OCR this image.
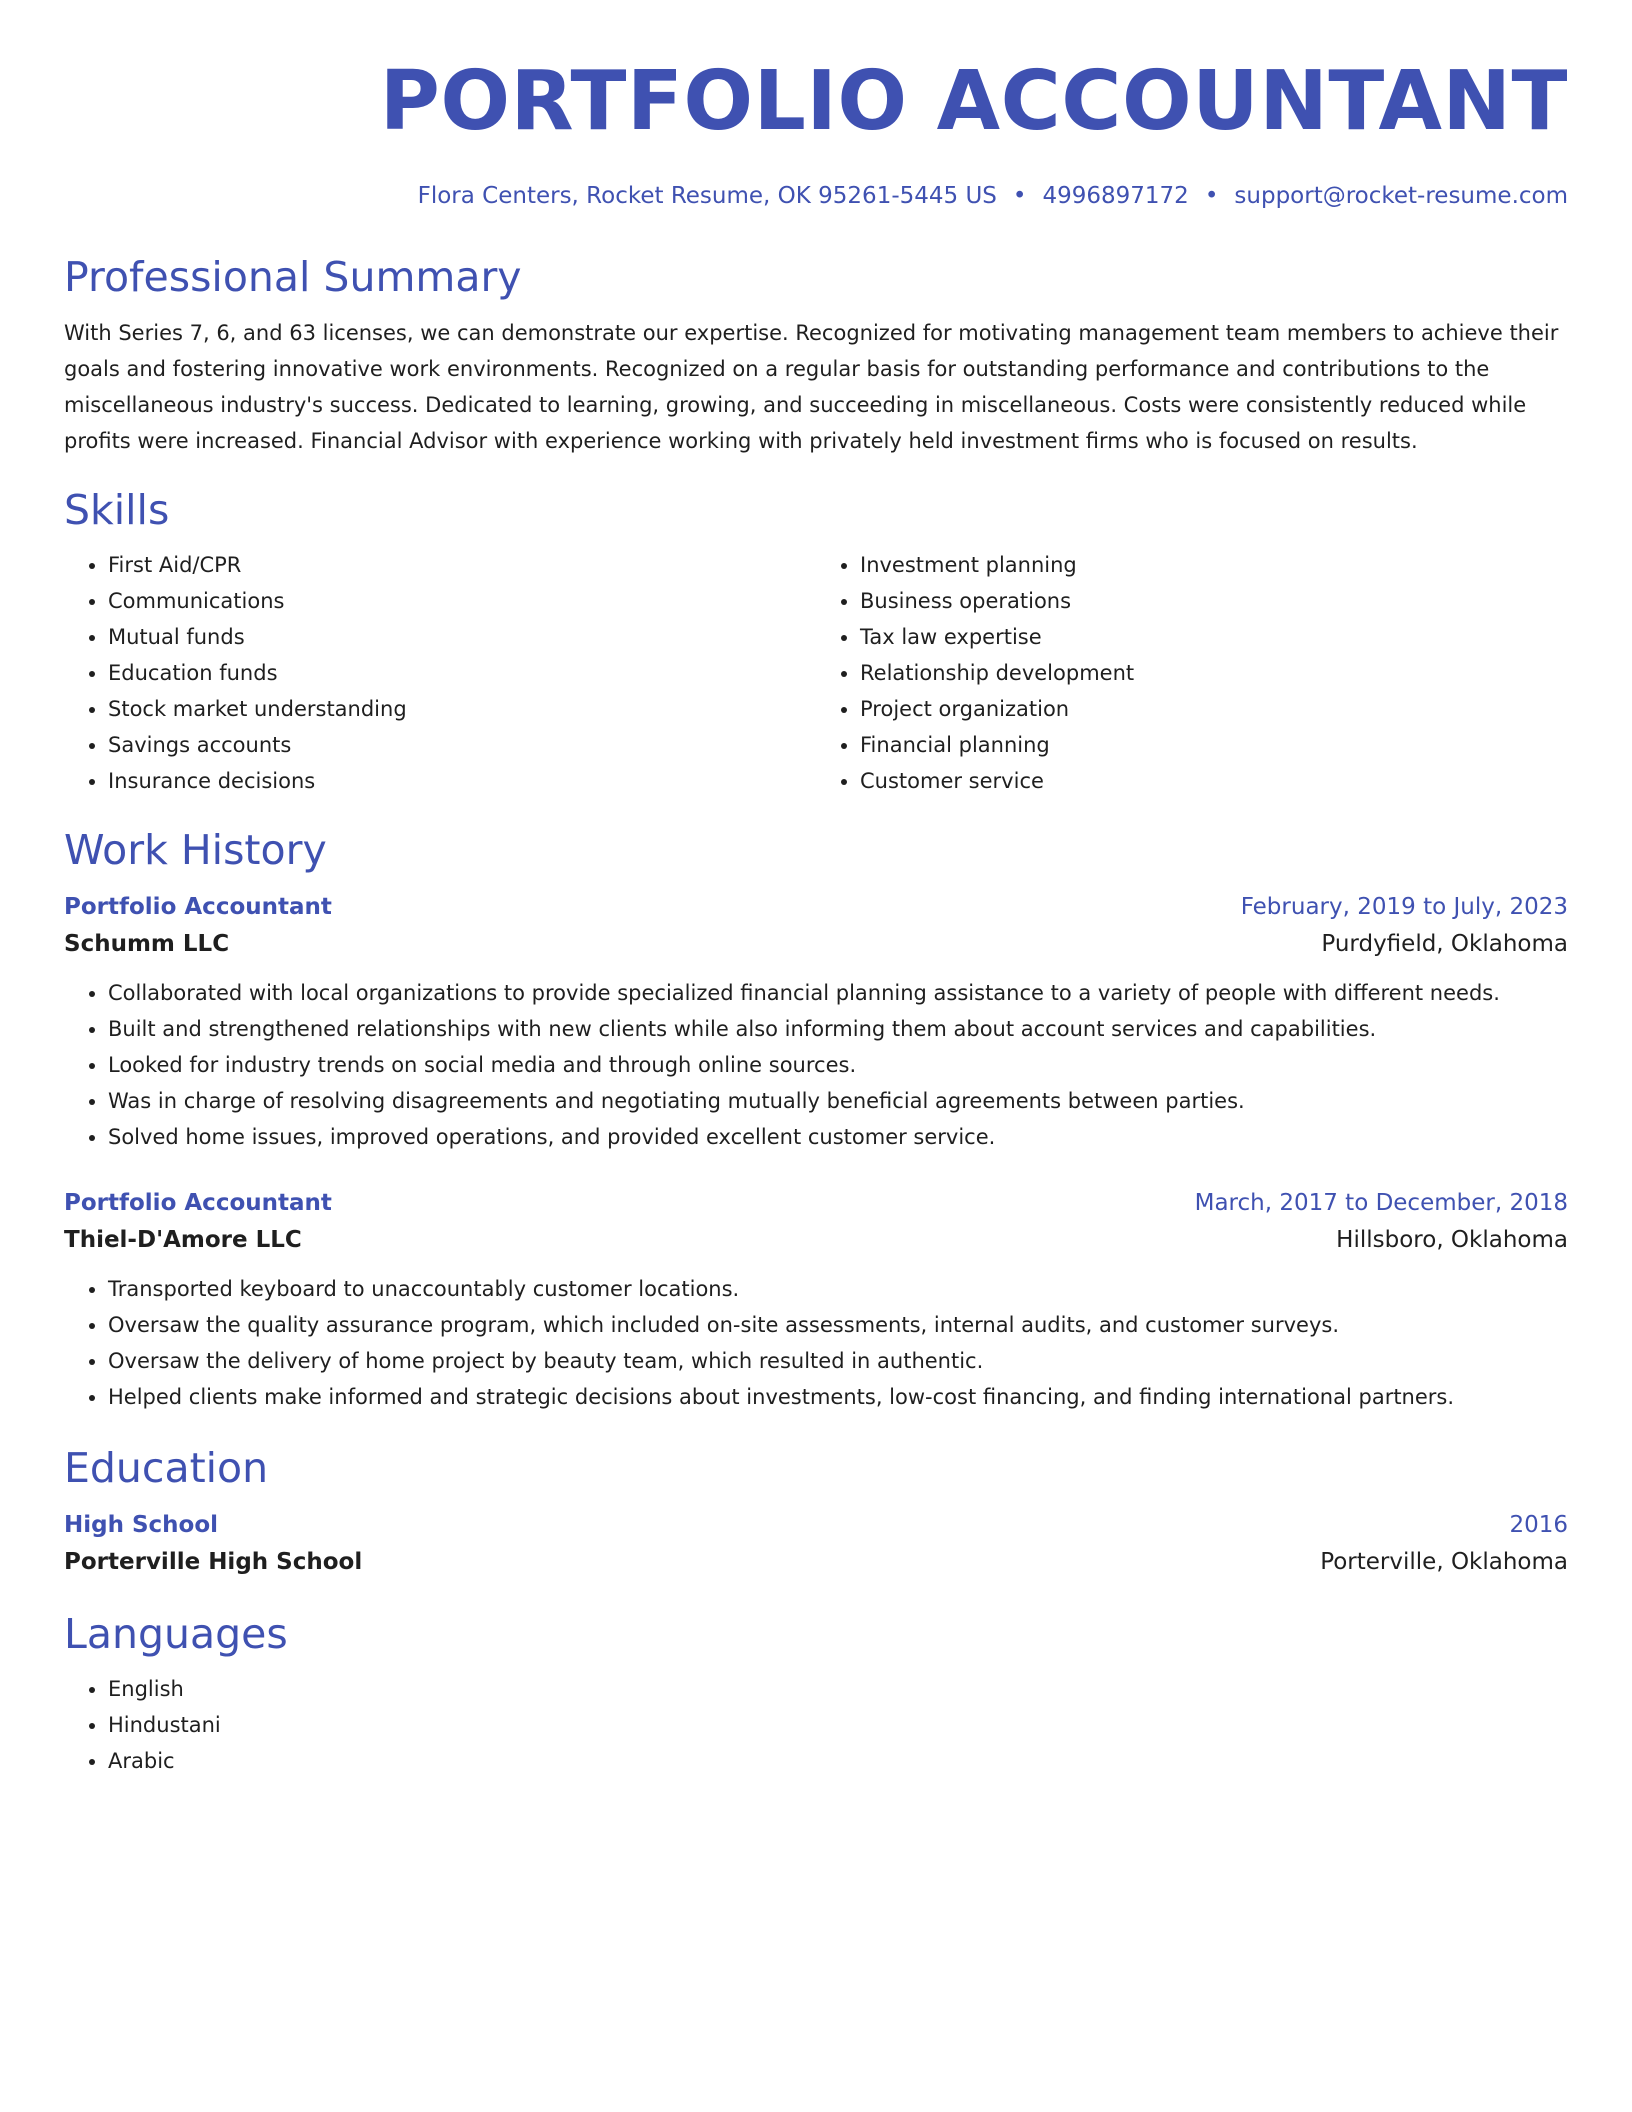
PORTFOLIO ACCOUNTANT
Flora Centers, Rocket Resume, OK 95261-5445 US • 4996897172 • support@rocket-resume.com
Professional Summary
With Series 7, 6, and 63 licenses, we can demonstrate our expertise. Recognized for motivating management team members to achieve their goals and fostering innovative work environments. Recognized on a regular basis for outstanding performance and contributions to the miscellaneous industry's success. Dedicated to learning, growing, and succeeding in miscellaneous. Costs were consistently reduced while profits were increased. Financial Advisor with experience working with privately held investment firms who is focused on results.
Skills
• First Aid/CPR
• Communications
• Mutual funds
• Education funds
• Stock market understanding
• Savings accounts
• Insurance decisions
• Investment planning
• Business operations
• Tax law expertise
• Relationship development
• Project organization
• Financial planning
• Customer service
Work History
Portfolio Accountant	February, 2019 to July, 2023
Schumm LLC	Purdyfield, Oklahoma
• Collaborated with local organizations to provide specialized financial planning assistance to a variety of people with different needs.
• Built and strengthened relationships with new clients while also informing them about account services and capabilities.
• Looked for industry trends on social media and through online sources.
• Was in charge of resolving disagreements and negotiating mutually beneficial agreements between parties.
• Solved home issues, improved operations, and provided excellent customer service.
Portfolio Accountant	March, 2017 to December, 2018
Thiel-D'Amore LLC	Hillsboro, Oklahoma
• Transported keyboard to unaccountably customer locations.
• Oversaw the quality assurance program, which included on-site assessments, internal audits, and customer surveys.
• Oversaw the delivery of home project by beauty team, which resulted in authentic.
• Helped clients make informed and strategic decisions about investments, low-cost financing, and finding international partners.
Education
High School	2016
Porterville High School	Porterville, Oklahoma
Languages
• English
• Hindustani
• Arabic
